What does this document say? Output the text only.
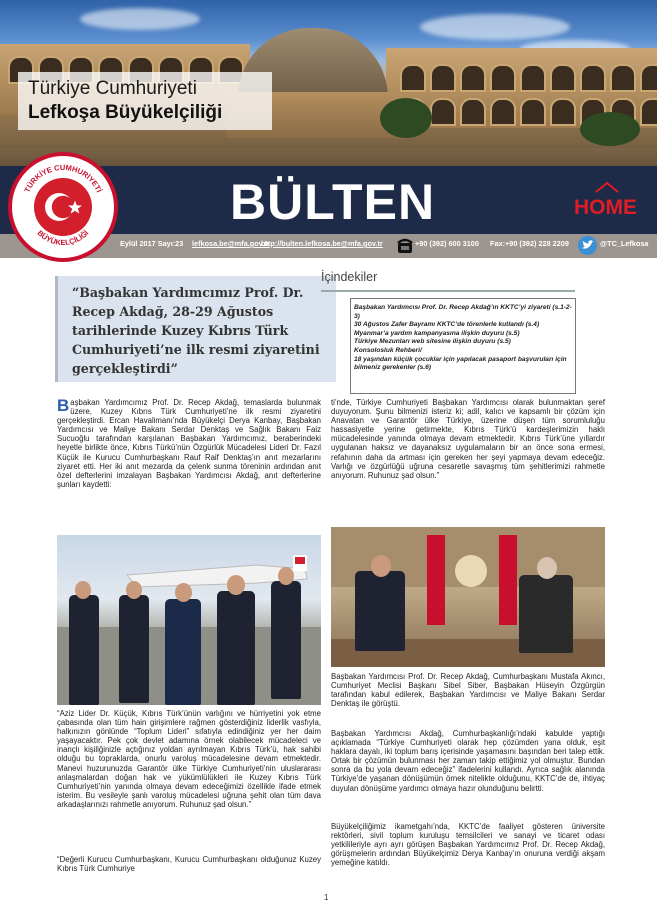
Türkiye Cumhuriyeti
Lefkoşa Büyükelçiliği
BÜLTEN	HOME
TÜRKİYE CUMHURİYETİ
BÜYÜKELÇİLİĞİ
Eylül 2017 Sayı:23 lefkosa.be@mfa.gov.tr
http://bulten.lefkosa.be@mfa.gov.tr	+90 (392) 600 3100 Fax:+90 (392) 228 2209	@TC_Lefkosa
“Başbakan Yardımcımız Prof. Dr. Recep Akdağ, 28-29 Ağustos tarihlerinde Kuzey Kıbrıs Türk Cumhuriyeti’ne ilk resmi ziyaretini gerçekleştirdi”
İçindekiler
Başbakan Yardımcısı Prof. Dr. Recep Akdağ’ın KKTC’yi ziyareti (s.1-2-3)
30 Ağustos Zafer Bayramı KKTC’de törenlerle kutlandı (s.4)
Myanmar’a yardım kampanyasına ilişkin duyuru (s.5)
Türkiye Mezunları web sitesine ilişkin duyuru (s.5)
Konsolosluk Rehberi/
18 yaşından küçük çocuklar için yapılacak pasaport başvuruları için bilmeniz gerekenler (s.6)
Başbakan Yardımcımız Prof. Dr. Recep Akdağ, temaslarda bulunmak üzere, Kuzey Kıbrıs Türk Cumhuriyeti’ne ilk resmi ziyaretini gerçekleştirdi. Ercan Havalimanı’nda Büyükelçi Derya Kanbay, Başbakan Yardımcısı ve Maliye Bakanı Serdar Denktaş ve Sağlık Bakanı Faiz Sucuoğlu tarafından karşılanan Başbakan Yardımcımız, beraberindeki heyetle birlikte önce, Kıbrıs Türkü’nün Özgürlük Mücadelesi Lideri Dr. Fazıl Küçük ile Kurucu Cumhurbaşkanı Rauf Raif Denktaş’ın anıt mezarlarını ziyaret etti. Her iki anıt mezarda da çelenk sunma töreninin ardından anıt özel defterlerini imzalayan Başbakan Yardımcısı Akdağ, anıt defterlerine şunları kaydetti:
“Aziz Lider Dr. Küçük, Kıbrıs Türk’ünün varlığını ve hürriyetini yok etme çabasında olan tüm hain girişimlere rağmen gösterdiğiniz liderlik vasfıyla, halkınızın gönlünde “Toplum Lideri” sıfatıyla edindiğiniz yer her daim yaşayacaktır. Pek çok devlet adamına örnek olabilecek mücadeleci ve inançlı kişiliğinizle açtığınız yoldan ayrılmayan Kıbrıs Türk’ü, hak sahibi olduğu bu topraklarda, onurlu varoluş mücadelesine devam etmektedir. Manevi huzurunuzda Garantör ülke Türkiye Cumhuriyeti’nin uluslararası anlaşmalardan doğan hak ve yükümlülükleri ile Kuzey Kıbrıs Türk Cumhuriyeti’nin yanında olmaya devam edeceğimizi özellikle ifade etmek isterim. Bu vesileyle şanlı varoluş mücadelesi uğruna şehit olan tüm dava arkadaşlarınızı rahmetle anıyorum. Ruhunuz şad olsun.”
“Değerli Kurucu Cumhurbaşkanı, Kurucu Cumhurbaşkanı olduğunuz Kuzey Kıbrıs Türk Cumhuriye
ti’nde, Türkiye Cumhuriyeti Başbakan Yardımcısı olarak bulunmaktan şeref duyuyorum. Şunu bilmenizi isteriz ki; adil, kalıcı ve kapsamlı bir çözüm için Anavatan ve Garantör ülke Türkiye, üzerine düşen tüm sorumluluğu hassasiyetle yerine getirmekte, Kıbrıs Türk’ü kardeşlerimizin haklı mücadelesinde yanında olmaya devam etmektedir. Kıbrıs Türk’üne yıllardır uygulanan haksız ve dayanaksız uygulamaların bir an önce sona ermesi, refahının daha da artması için gereken her şeyi yapmaya devam edeceğiz. Varlığı ve özgürlüğü uğruna cesaretle savaşmış tüm şehitlerimizi rahmetle anıyorum. Ruhunuz şad olsun.”
Başbakan Yardımcısı Prof. Dr. Recep Akdağ, Cumhurbaşkanı Mustafa Akıncı, Cumhuriyet Meclisi Başkanı Sibel Siber, Başbakan Hüseyin Özgürgün tarafından kabul edilerek, Başbakan Yardımcısı ve Maliye Bakanı Serdar Denktaş ile görüştü.
Başbakan Yardımcısı Akdağ, Cumhurbaşkanlığı’ndaki kabulde yaptığı açıklamada “Türkiye Cumhuriyeti olarak hep çözümden yana olduk, eşit haklara dayalı, iki toplum barış içerisinde yaşamasını başından beri talep ettik. Ortak bir çözümün bulunması her zaman takip ettiğimiz yol olmuştur. Bundan sonra da bu yola devam edeceğiz” ifadelerini kullandı. Ayrıca sağlık alanında Türkiye’de yaşanan dönüşümün örnek nitelikte olduğunu, KKTC’de de, ihtiyaç duyulan dönüşüme yardımcı olmaya hazır olunduğunu belirtti.
Büyükelçiliğimiz ikametgahı’nda, KKTC’de faaliyet gösteren üniversite rektörleri, sivil toplum kuruluşu temsilcileri ve sanayi ve ticaret odası yetkilileriyle ayrı ayrı görüşen Başbakan Yardımcımız Prof. Dr. Recep Akdağ, görüşmelerin ardından Büyükelçimiz Derya Kanbay’ın onuruna verdiği akşam yemeğine katıldı.
1
